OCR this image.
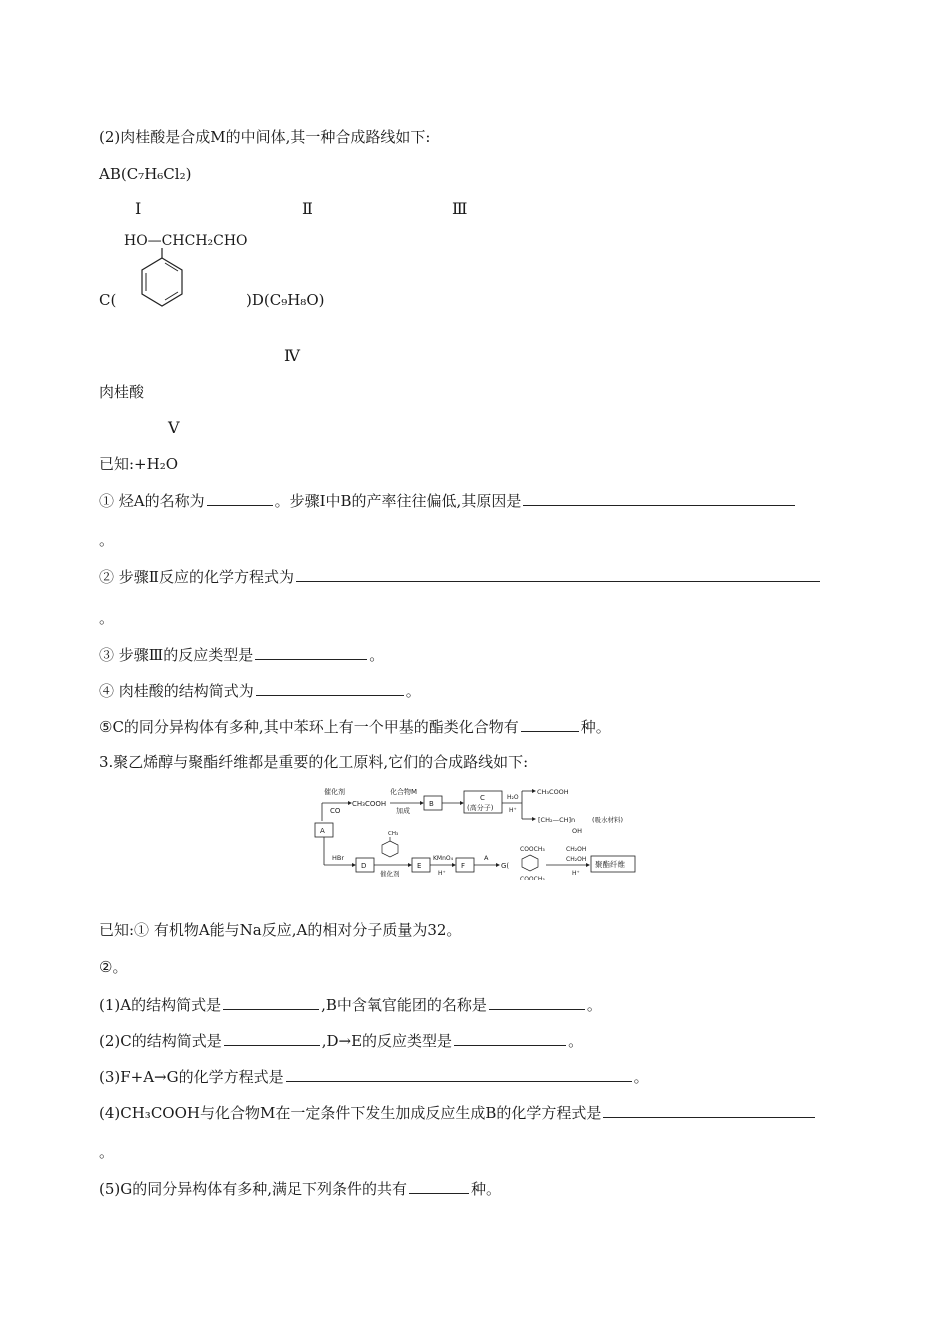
(2)肉桂酸是合成M的中间体,其一种合成路线如下:
AB(C₇H₆Cl₂)
Ⅰ	Ⅱ	Ⅲ
HO—CHCH₂CHO
C(	)D(C₉H₈O)
Ⅳ
肉桂酸
Ⅴ
已知:+H₂O
① 烃A的名称为	。步骤Ⅰ中B的产率往往偏低,其原因是
。
② 步骤Ⅱ反应的化学方程式为
。
③ 步骤Ⅲ的反应类型是	。
④ 肉桂酸的结构简式为	。
⑤C的同分异构体有多种,其中苯环上有一个甲基的酯类化合物有	种。
3.聚乙烯醇与聚酯纤维都是重要的化工原料,它们的合成路线如下:
催化剂
CO
CH₃COOH
化合物M
加成
B
C
(高分子)
H₂O
H⁺
CH₃COOH
[CH₂—CH]n
OH
(吸水材料)
A
HBr
D
CH₃
催化剂
E
KMnO₄
H⁺
F
A
G(
COOCH₃
COOCH₃
CH₂OH
CH₂OH
H⁺
聚酯纤维
已知:① 有机物A能与Na反应,A的相对分子质量为32。
②。
(1)A的结构简式是	,B中含氧官能团的名称是	。
(2)C的结构简式是	,D→E的反应类型是	。
(3)F+A→G的化学方程式是	。
(4)CH₃COOH与化合物M在一定条件下发生加成反应生成B的化学方程式是
。
(5)G的同分异构体有多种,满足下列条件的共有	种。
